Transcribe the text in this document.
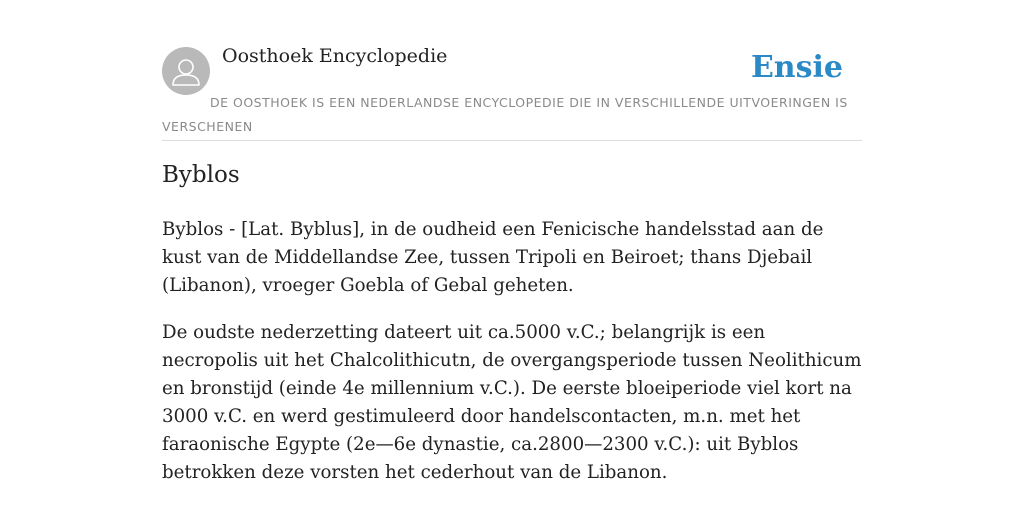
Oosthoek Encyclopedie	Ensie
DE OOSTHOEK IS EEN NEDERLANDSE ENCYCLOPEDIE DIE IN VERSCHILLENDE UITVOERINGEN IS VERSCHENEN
Byblos

Byblos - [Lat. Byblus], in de oudheid een Fenicische handelsstad aan de kust van de Middellandse Zee, tussen Tripoli en Beiroet; thans Djebail (Libanon), vroeger Goebla of Gebal geheten.

De oudste nederzetting dateert uit ca.5000 v.C.; belangrijk is een necropolis uit het Chalcolithicutn, de overgangsperiode tussen Neolithicum en bronstijd (einde 4e millennium v.C.). De eerste bloeiperiode viel kort na 3000 v.C. en werd gestimuleerd door handelscontacten, m.n. met het faraonische Egypte (2e—6e dynastie, ca.2800—2300 v.C.): uit Byblos betrokken deze vorsten het cederhout van de Libanon.
